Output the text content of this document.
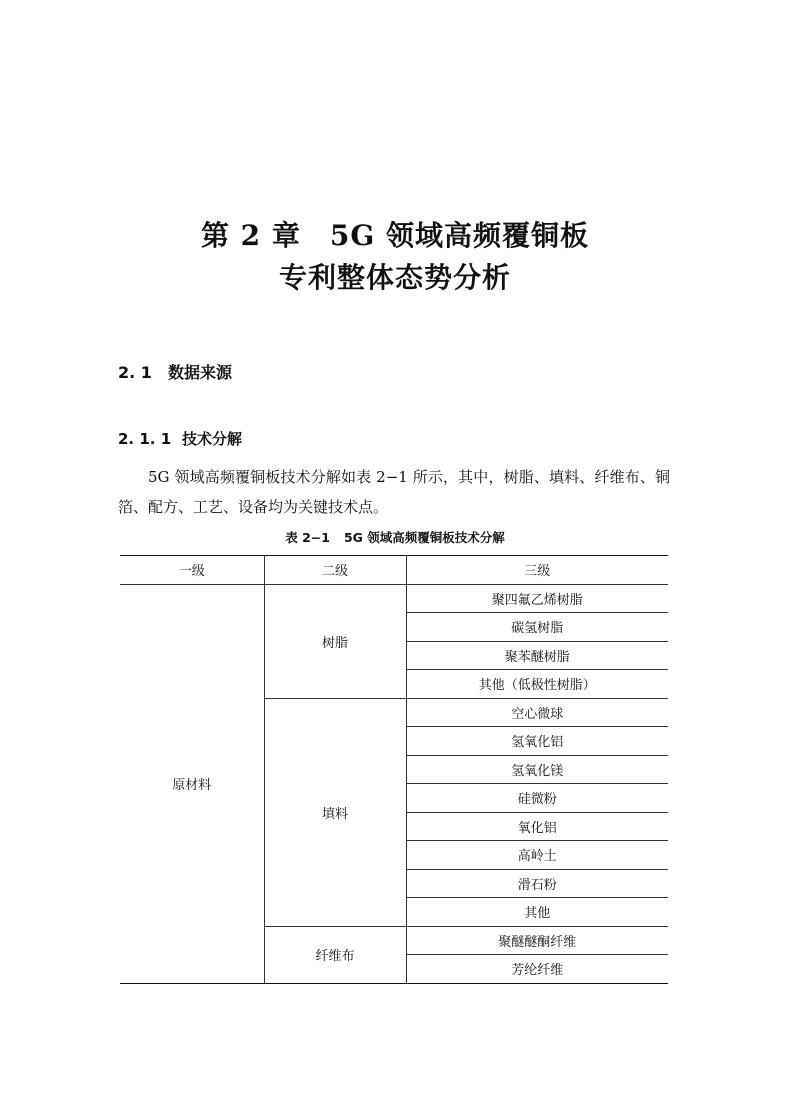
第 2 章　5G 领域高频覆铜板
专利整体态势分析
2. 1 数据来源
2. 1. 1 技术分解

5G 领域高频覆铜板技术分解如表 2−1 所示，其中，树脂、填料、纤维布、铜箔、配方、工艺、设备均为关键技术点。

表 2−1 5G 领域高频覆铜板技术分解

一级	二级	三级
原材料	树脂	聚四氟乙烯树脂
		碳氢树脂
		聚苯醚树脂
		其他（低极性树脂）
	填料	空心微球
		氢氧化铝
		氢氧化镁
		硅微粉
		氧化铝
		高岭土
		滑石粉
		其他
	纤维布	聚醚醚酮纤维
		芳纶纤维
